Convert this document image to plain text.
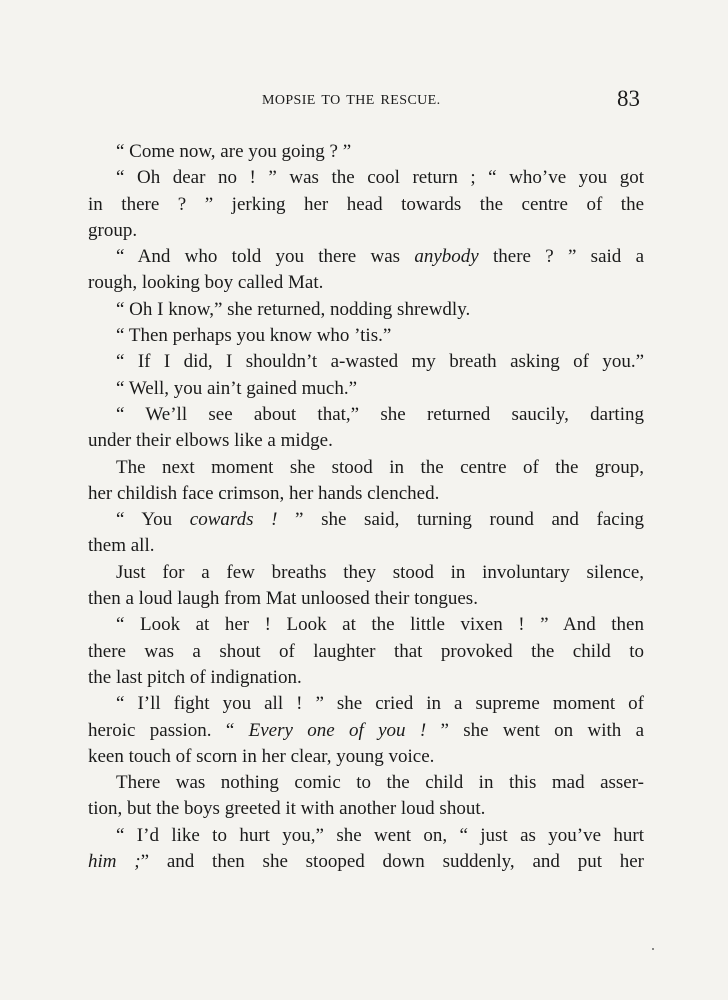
MOPSIE TO THE RESCUE.	83
“ Come now, are you going ? ”
“ Oh dear no ! ” was the cool return ; “ who’ve you got
in there ? ” jerking her head towards the centre of the
group.
“ And who told you there was anybody there ? ” said a
rough, looking boy called Mat.
“ Oh I know,” she returned, nodding shrewdly.
“ Then perhaps you know who ’tis.”
“ If I did, I shouldn’t a-wasted my breath asking of you.”
“ Well, you ain’t gained much.”
“ We’ll see about that,” she returned saucily, darting
under their elbows like a midge.
The next moment she stood in the centre of the group,
her childish face crimson, her hands clenched.
“ You cowards ! ” she said, turning round and facing
them all.
Just for a few breaths they stood in involuntary silence,
then a loud laugh from Mat unloosed their tongues.
“ Look at her ! Look at the little vixen ! ” And then
there was a shout of laughter that provoked the child to
the last pitch of indignation.
“ I’ll fight you all ! ” she cried in a supreme moment of
heroic passion. “ Every one of you ! ” she went on with a
keen touch of scorn in her clear, young voice.
There was nothing comic to the child in this mad asser-
tion, but the boys greeted it with another loud shout.
“ I’d like to hurt you,” she went on, “ just as you’ve hurt
him ;” and then she stooped down suddenly, and put her
